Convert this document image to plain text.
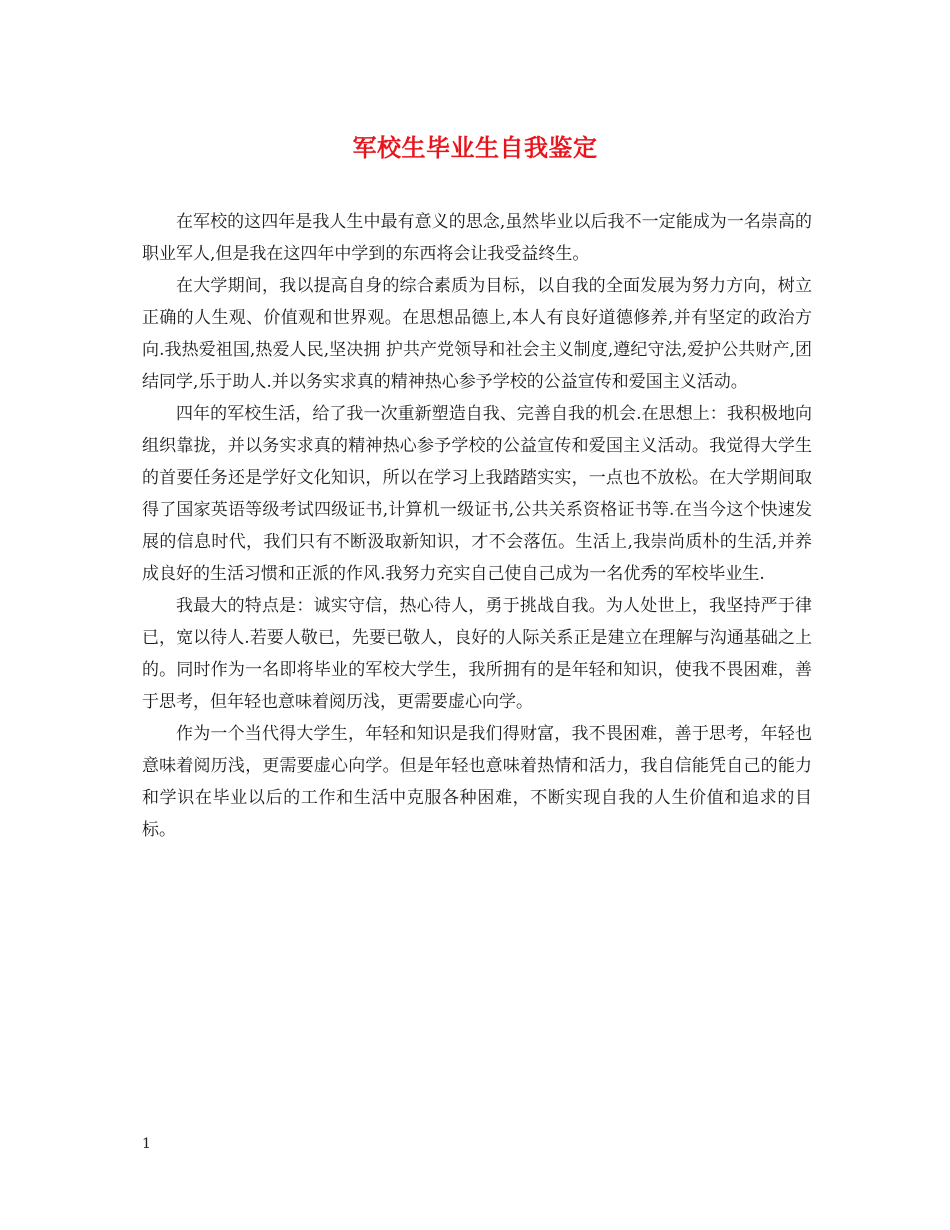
军校生毕业生自我鉴定

在军校的这四年是我人生中最有意义的思念,虽然毕业以后我不一定能成为一名崇高的职业军人,但是我在这四年中学到的东西将会让我受益终生。

在大学期间，我以提高自身的综合素质为目标，以自我的全面发展为努力方向，树立正确的人生观、价值观和世界观。在思想品德上,本人有良好道德修养,并有坚定的政治方向.我热爱祖国,热爱人民,坚决拥 护共产党领导和社会主义制度,遵纪守法,爱护公共财产,团结同学,乐于助人.并以务实求真的精神热心参予学校的公益宣传和爱国主义活动。

四年的军校生活，给了我一次重新塑造自我、完善自我的机会.在思想上：我积极地向组织靠拢，并以务实求真的精神热心参予学校的公益宣传和爱国主义活动。我觉得大学生的首要任务还是学好文化知识，所以在学习上我踏踏实实，一点也不放松。在大学期间取得了国家英语等级考试四级证书,计算机一级证书,公共关系资格证书等.在当今这个快速发展的信息时代，我们只有不断汲取新知识，才不会落伍。生活上,我崇尚质朴的生活,并养成良好的生活习惯和正派的作风.我努力充实自己使自己成为一名优秀的军校毕业生.

我最大的特点是：诚实守信，热心待人，勇于挑战自我。为人处世上，我坚持严于律已，宽以待人.若要人敬已，先要已敬人，良好的人际关系正是建立在理解与沟通基础之上的。同时作为一名即将毕业的军校大学生，我所拥有的是年轻和知识，使我不畏困难，善于思考，但年轻也意味着阅历浅，更需要虚心向学。

作为一个当代得大学生，年轻和知识是我们得财富，我不畏困难，善于思考，年轻也意味着阅历浅，更需要虚心向学。但是年轻也意味着热情和活力，我自信能凭自己的能力和学识在毕业以后的工作和生活中克服各种困难，不断实现自我的人生价值和追求的目标。

1
